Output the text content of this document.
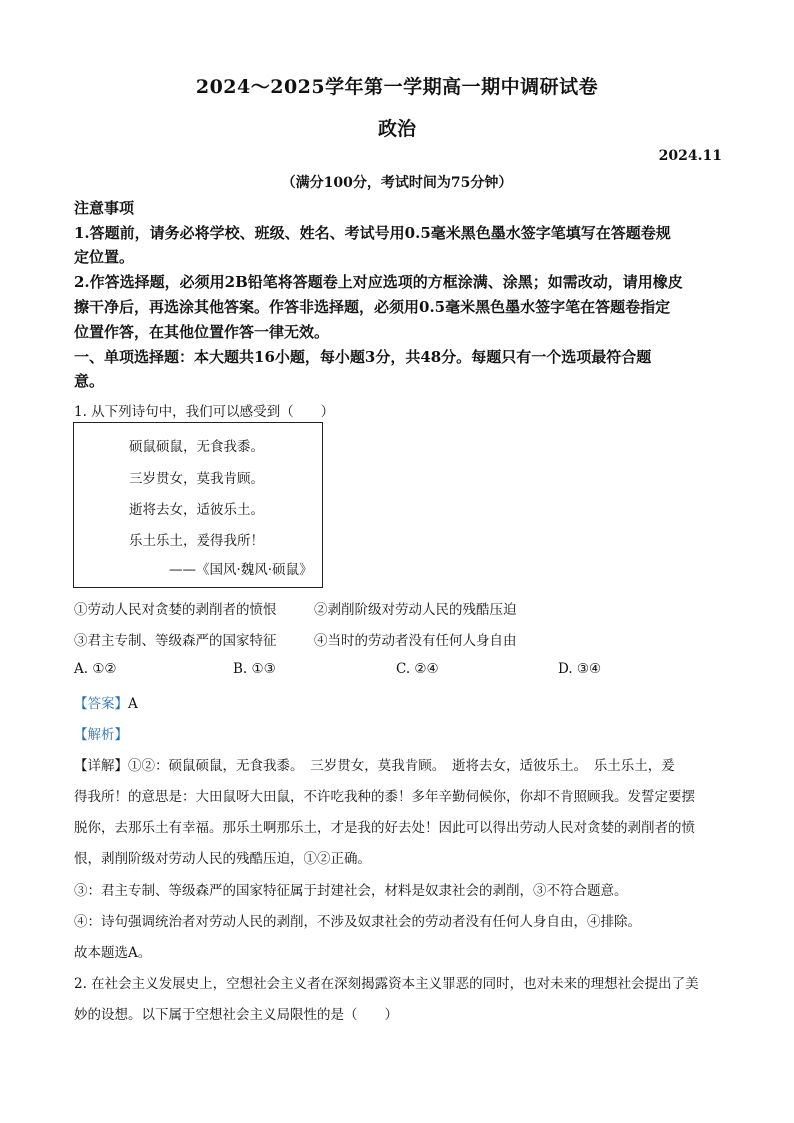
2024～2025学年第一学期高一期中调研试卷
政治
2024.11
（满分100分，考试时间为75分钟）
注意事项
1.答题前，请务必将学校、班级、姓名、考试号用0.5毫米黑色墨水签字笔填写在答题卷规
定位置。
2.作答选择题，必须用2B铅笔将答题卷上对应选项的方框涂满、涂黑；如需改动，请用橡皮
擦干净后，再选涂其他答案。作答非选择题，必须用0.5毫米黑色墨水签字笔在答题卷指定
位置作答，在其他位置作答一律无效。
一、单项选择题：本大题共16小题，每小题3分，共48分。每题只有一个选项最符合题
意。
1. 从下列诗句中，我们可以感受到（　　）
硕鼠硕鼠，无食我黍。
三岁贯女，莫我肯顾。
逝将去女，适彼乐土。
乐土乐土，爰得我所！
——《国风·魏风·硕鼠》
①劳动人民对贪婪的剥削者的愤恨	②剥削阶级对劳动人民的残酷压迫
③君主专制、等级森严的国家特征	④当时的劳动者没有任何人身自由
A. ①②	B. ①③	C. ②④	D. ③④
【答案】A
【解析】
【详解】①②：硕鼠硕鼠，无食我黍。　三岁贯女，莫我肯顾。　逝将去女，适彼乐土。　乐土乐土，爰
得我所！的意思是：大田鼠呀大田鼠，不许吃我种的黍！多年辛勤伺候你，你却不肯照顾我。发誓定要摆
脱你，去那乐土有幸福。那乐土啊那乐土，才是我的好去处！因此可以得出劳动人民对贪婪的剥削者的愤
恨，剥削阶级对劳动人民的残酷压迫，①②正确。
③：君主专制、等级森严的国家特征属于封建社会，材料是奴隶社会的剥削，③不符合题意。
④：诗句强调统治者对劳动人民的剥削，不涉及奴隶社会的劳动者没有任何人身自由，④排除。
故本题选A。
2. 在社会主义发展史上，空想社会主义者在深刻揭露资本主义罪恶的同时，也对未来的理想社会提出了美
妙的设想。以下属于空想社会主义局限性的是（　　）
